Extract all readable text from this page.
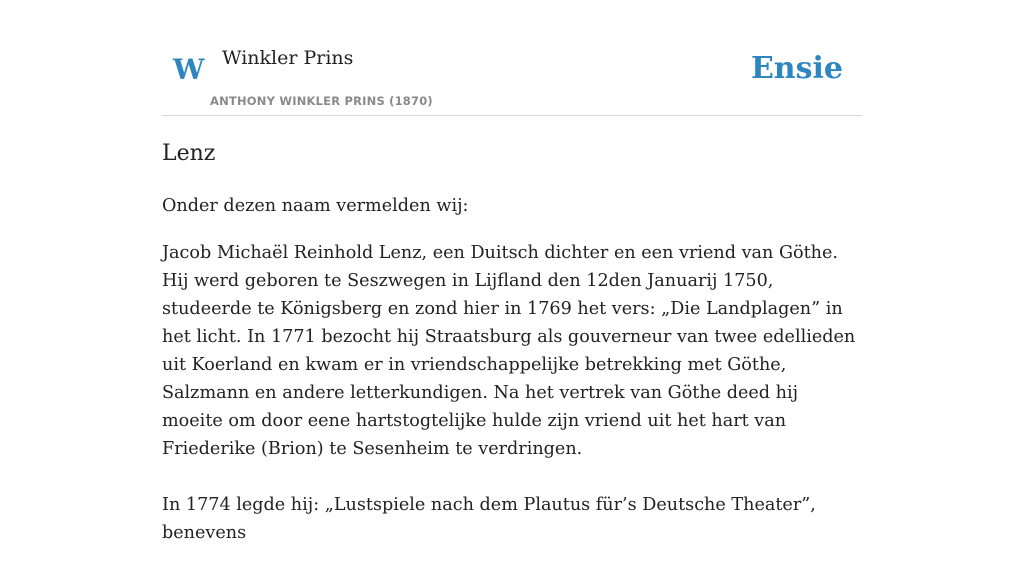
W Winkler Prins
ANTHONY WINKLER PRINS (1870)
Ensie
Lenz

Onder dezen naam vermelden wij:

Jacob Michaël Reinhold Lenz, een Duitsch dichter en een vriend van Göthe. Hij werd geboren te Seszwegen in Lijfland den 12den Januarij 1750, studeerde te Königsberg en zond hier in 1769 het vers: „Die Landplagen” in het licht. In 1771 bezocht hij Straatsburg als gouverneur van twee edellieden uit Koerland en kwam er in vriendschappelijke betrekking met Göthe, Salzmann en andere letterkundigen. Na het vertrek van Göthe deed hij moeite om door eene hartstogtelijke hulde zijn vriend uit het hart van Friederike (Brion) te Sesenheim te verdringen.

In 1774 legde hij: „Lustspiele nach dem Plautus für’s Deutsche Theater”, benevens
